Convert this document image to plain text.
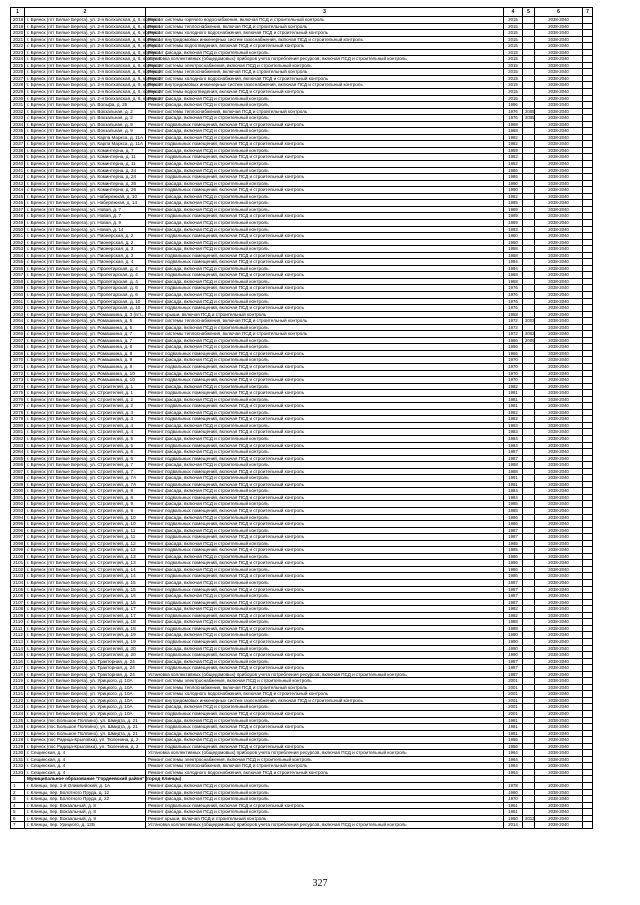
1	2	3	4	5	6	7
2018	г. Брянск (пгт Белые Берега), ул. 2-я Болховская, д. 6, корпус 1	Ремонт системы горячего водоснабжения, включая ПСД и строительный контроль	2015		2038-2040	
2019	г. Брянск (пгт Белые Берега), ул. 2-я Болховская, д. 6, корпус 1	Ремонт системы теплоснабжения, включая ПСД и строительный контроль	2015		2038-2040	
2020	г. Брянск (пгт Белые Берега), ул. 2-я Болховская, д. 6, корпус 1	Ремонт системы холодного водоснабжения, включая ПСД и строительный контроль	2015		2038-2040	
2021	г. Брянск (пгт Белые Берега), ул. 2-я Болховская, д. 6, корпус 1	Ремонт внутридомовых инженерных систем газоснабжения, включая ПСД и строительный контроль	2015		2038-2040	
2022	г. Брянск (пгт Белые Берега), ул. 2-я Болховская, д. 6, корпус 1	Ремонт системы водоотведения, включая ПСД и строительный контроль	2015		2038-2040	
2023	г. Брянск (пгт Белые Берега), ул. 2-я Болховская, д. 6, корпус 1	Ремонт фасада, включая ПСД и строительный контроль	2015		2038-2040	
2024	г. Брянск (пгт Белые Берега), ул. 2-я Болховская, д. 6, корпус 2	Установка коллективных (общедомовых) приборов учета потребления ресурсов, включая ПСД и строительный контроль	2015		2038-2040	
2025	г. Брянск (пгт Белые Берега), ул. 2-я Болховская, д. 6, корпус 2	Ремонт системы электроснабжения, включая ПСД и строительный контроль	2015		2038-2040	
2026	г. Брянск (пгт Белые Берега), ул. 2-я Болховская, д. 6, корпус 2	Ремонт системы теплоснабжения, включая ПСД и строительный контроль	2015		2038-2040	
2027	г. Брянск (пгт Белые Берега), ул. 2-я Болховская, д. 6, корпус 2	Ремонт системы холодного водоснабжения, включая ПСД и строительный контроль	2015		2038-2040	
2028	г. Брянск (пгт Белые Берега), ул. 2-я Болховская, д. 6, корпус 2	Ремонт внутридомовых инженерных систем газоснабжения, включая ПСД и строительный контроль	2015		2038-2040	
2029	г. Брянск (пгт Белые Берега), ул. 2-я Болховская, д. 6, корпус 2	Ремонт системы водоотведения, включая ПСД и строительный контроль	2015		2038-2040	
2030	г. Брянск (пгт Белые Берега), ул. 2-я Болховская, д. 6, корпус 2	Ремонт фасада, включая ПСД и строительный контроль	2015		2038-2040	
2031	г. Брянск (пгт Белые Берега), ул. Вольфа, д. 25	Ремонт фасада, включая ПСД и строительный контроль	1996		2038-2040	
2032	г. Брянск (пгт Белые Берега), ул. Вокзальная, д. 2	Ремонт системы теплоснабжения, включая ПСД и строительный контроль	1976	2005	2038-2040	
2033	г. Брянск (пгт Белые Берега), ул. Вокзальная, д. 2	Ремонт фасада, включая ПСД и строительный контроль	1976	2005	2038-2040	
2034	г. Брянск (пгт Белые Берега), ул. Вокзальная, д. 9	Ремонт подвальных помещений, включая ПСД и строительный контроль	1968		2038-2040	
2035	г. Брянск (пгт Белые Берега), ул. Вокзальная, д. 9	Ремонт фасада, включая ПСД и строительный контроль	1968		2038-2040	
2036	г. Брянск (пгт Белые Берега), ул. Карла Маркса, д. 11А	Ремонт фасада, включая ПСД и строительный контроль	1982		2038-2040	
2037	г. Брянск (пгт Белые Берега), ул. Карла Маркса, д. 11А	Ремонт подвальных помещений, включая ПСД и строительный контроль	1982		2038-2040	
2038	г. Брянск (пгт Белые Берега), ул. Коминтерна, д. 7	Ремонт фасада, включая ПСД и строительный контроль	1959		2038-2040	
2039	г. Брянск (пгт Белые Берега), ул. Коминтерна, д. 11	Ремонт подвальных помещений, включая ПСД и строительный контроль	1962		2038-2040	
2040	г. Брянск (пгт Белые Берега), ул. Коминтерна, д. 11	Ремонт фасада, включая ПСД и строительный контроль	1962		2038-2040	
2041	г. Брянск (пгт Белые Берега), ул. Коминтерна, д. 24	Ремонт фасада, включая ПСД и строительный контроль	1986		2038-2040	
2042	г. Брянск (пгт Белые Берега), ул. Коминтерна, д. 24	Ремонт подвальных помещений, включая ПСД и строительный контроль	1986		2038-2040	
2043	г. Брянск (пгт Белые Берега), ул. Коминтерна, д. 26	Ремонт фасада, включая ПСД и строительный контроль	1990		2038-2040	
2044	г. Брянск (пгт Белые Берега), ул. Коминтерна, д. 26	Ремонт подвальных помещений, включая ПСД и строительный контроль	1990		2038-2040	
2045	г. Брянск (пгт Белые Берега), ул. Набережная, д. 10	Ремонт фасада, включая ПСД и строительный контроль	1982		2038-2040	
2046	г. Брянск (пгт Белые Берега), ул. Набережная, д. 14	Ремонт фасада, включая ПСД и строительный контроль	1985		2038-2040	
2047	г. Брянск (пгт Белые Берега), ул. Новая, д. 7	Ремонт фасада, включая ПСД и строительный контроль	1989		2038-2040	
2048	г. Брянск (пгт Белые Берега), ул. Новая, д. 7	Ремонт подвальных помещений, включая ПСД и строительный контроль	1989		2038-2040	
2049	г. Брянск (пгт Белые Берега), ул. Новая, д. 9	Ремонт фасада, включая ПСД и строительный контроль	1989		2038-2040	
2050	г. Брянск (пгт Белые Берега), ул. Новая, д. 14	Ремонт фасада, включая ПСД и строительный контроль	1993		2038-2040	
2051	г. Брянск (пгт Белые Берега), ул. Пионерская, д. 2	Ремонт подвальных помещений, включая ПСД и строительный контроль	1960		2038-2040	
2052	г. Брянск (пгт Белые Берега), ул. Пионерская, д. 2	Ремонт фасада, включая ПСД и строительный контроль	1960		2038-2040	
2053	г. Брянск (пгт Белые Берега), ул. Пионерская, д. 3	Ремонт фасада, включая ПСД и строительный контроль	1958		2038-2040	
2054	г. Брянск (пгт Белые Берега), ул. Пионерская, д. 3	Ремонт подвальных помещений, включая ПСД и строительный контроль	1958		2038-2040	
2055	г. Брянск (пгт Белые Берега), ул. Пионерская, д. 4	Ремонт подвальных помещений, включая ПСД и строительный контроль	1994		2038-2040	
2056	г. Брянск (пгт Белые Берега), ул. Пролетарская, д. 4	Ремонт фасада, включая ПСД и строительный контроль	1994		2038-2040	
2057	г. Брянск (пгт Белые Берега), ул. Пролетарская, д. 4	Ремонт подвальных помещений, включая ПСД и строительный контроль	1968		2038-2040	
2058	г. Брянск (пгт Белые Берега), ул. Пролетарская, д. 4	Ремонт фасада, включая ПСД и строительный контроль	1968		2038-2040	
2059	г. Брянск (пгт Белые Берега), ул. Пролетарская, д. 6	Ремонт подвальных помещений, включая ПСД и строительный контроль	1976		2038-2040	
2060	г. Брянск (пгт Белые Берега), ул. Пролетарская, д. 6	Ремонт фасада, включая ПСД и строительный контроль	1976		2038-2040	
2061	г. Брянск (пгт Белые Берега), ул. Пролетарская, д. 10	Ремонт фасада, включая ПСД и строительный контроль	1976		2038-2040	
2062	г. Брянск (пгт Белые Берега), ул. Пролетарская, д. 10	Ремонт подвальных помещений, включая ПСД и строительный контроль	1976		2038-2040	
2063	г. Брянск (пгт Белые Берега), ул. Ромашкина, д. 3 (пгт...	Ремонт крыши, включая ПСД и строительный контроль	1958		2038-2040	
2064	г. Брянск (пгт Белые Берега), ул. Ромашкина, д. 5	Ремонт системы теплоснабжения, включая ПСД и строительный контроль	1972	2002	2038-2040	
2065	г. Брянск (пгт Белые Берега), ул. Ромашкина, д. 5	Ремонт фасада, включая ПСД и строительный контроль	1972		2038-2040	
2066	г. Брянск (пгт Белые Берега), ул. Ромашкина, д. 7	Ремонт системы теплоснабжения, включая ПСД и строительный контроль	1972	2002	2038-2040	
2067	г. Брянск (пгт Белые Берега), ул. Ромашкина, д. 7	Ремонт фасада, включая ПСД и строительный контроль	1966	2006	2038-2040	
2068	г. Брянск (пгт Белые Берега), ул. Ромашкина, д. 8	Ремонт фасада, включая ПСД и строительный контроль	1966		2038-2040	
2069	г. Брянск (пгт Белые Берега), ул. Ромашкина, д. 8	Ремонт подвальных помещений, включая ПСД и строительный контроль	1966		2038-2040	
2070	г. Брянск (пгт Белые Берега), ул. Ромашкина, д. 9	Ремонт фасада, включая ПСД и строительный контроль	1970		2038-2040	
2071	г. Брянск (пгт Белые Берега), ул. Ромашкина, д. 9	Ремонт подвальных помещений, включая ПСД и строительный контроль	1970		2038-2040	
2072	г. Брянск (пгт Белые Берега), ул. Ромашкина, д. 10	Ремонт фасада, включая ПСД и строительный контроль	1970		2038-2040	
2073	г. Брянск (пгт Белые Берега), ул. Ромашкина, д. 10	Ремонт подвальных помещений, включая ПСД и строительный контроль	1970		2038-2040	
2074	г. Брянск (пгт Белые Берега), ул. Строителей, д. 1	Ремонт фасада, включая ПСД и строительный контроль	1982		2038-2040	
2075	г. Брянск (пгт Белые Берега), ул. Строителей, д. 1	Ремонт подвальных помещений, включая ПСД и строительный контроль	1981		2038-2040	
2076	г. Брянск (пгт Белые Берега), ул. Строителей, д. 2	Ремонт фасада, включая ПСД и строительный контроль	1981		2038-2040	
2077	г. Брянск (пгт Белые Берега), ул. Строителей, д. 2	Ремонт подвальных помещений, включая ПСД и строительный контроль	1981		2038-2040	
2078	г. Брянск (пгт Белые Берега), ул. Строителей, д. 3	Ремонт фасада, включая ПСД и строительный контроль	1982		2038-2040	
2079	г. Брянск (пгт Белые Берега), ул. Строителей, д. 3	Ремонт подвальных помещений, включая ПСД и строительный контроль	1982		2038-2040	
2080	г. Брянск (пгт Белые Берега), ул. Строителей, д. 4	Ремонт фасада, включая ПСД и строительный контроль	1983		2038-2040	
2081	г. Брянск (пгт Белые Берега), ул. Строителей, д. 4	Ремонт подвальных помещений, включая ПСД и строительный контроль	1983		2038-2040	
2082	г. Брянск (пгт Белые Берега), ул. Строителей, д. 5	Ремонт фасада, включая ПСД и строительный контроль	1984		2038-2040	
2083	г. Брянск (пгт Белые Берега), ул. Строителей, д. 5	Ремонт подвальных помещений, включая ПСД и строительный контроль	1984		2038-2040	
2084	г. Брянск (пгт Белые Берега), ул. Строителей, д. 6	Ремонт фасада, включая ПСД и строительный контроль	1987		2038-2040	
2085	г. Брянск (пгт Белые Берега), ул. Строителей, д. 6	Ремонт подвальных помещений, включая ПСД и строительный контроль	1987		2038-2040	
2086	г. Брянск (пгт Белые Берега), ул. Строителей, д. 7	Ремонт фасада, включая ПСД и строительный контроль	1988		2038-2040	
2087	г. Брянск (пгт Белые Берега), ул. Строителей, д. 7	Ремонт подвальных помещений, включая ПСД и строительный контроль	1988		2038-2040	
2088	г. Брянск (пгт Белые Берега), ул. Строителей, д. 7А	Ремонт фасада, включая ПСД и строительный контроль	1991		2038-2040	
2089	г. Брянск (пгт Белые Берега), ул. Строителей, д. 7А	Ремонт подвальных помещений, включая ПСД и строительный контроль	1991		2038-2040	
2090	г. Брянск (пгт Белые Берега), ул. Строителей, д. 8	Ремонт фасада, включая ПСД и строительный контроль	1984		2038-2040	
2091	г. Брянск (пгт Белые Берега), ул. Строителей, д. 8	Ремонт подвальных помещений, включая ПСД и строительный контроль	1984		2038-2040	
2092	г. Брянск (пгт Белые Берега), ул. Строителей, д. 9	Ремонт фасада, включая ПСД и строительный контроль	1985		2038-2040	
2093	г. Брянск (пгт Белые Берега), ул. Строителей, д. 9	Ремонт подвальных помещений, включая ПСД и строительный контроль	1985		2038-2040	
2094	г. Брянск (пгт Белые Берега), ул. Строителей, д. 10	Ремонт фасада, включая ПСД и строительный контроль	1986		2038-2040	
2095	г. Брянск (пгт Белые Берега), ул. Строителей, д. 10	Ремонт подвальных помещений, включая ПСД и строительный контроль	1986		2038-2040	
2096	г. Брянск (пгт Белые Берега), ул. Строителей, д. 11	Ремонт фасада, включая ПСД и строительный контроль	1987		2038-2040	
2097	г. Брянск (пгт Белые Берега), ул. Строителей, д. 11	Ремонт подвальных помещений, включая ПСД и строительный контроль	1987		2038-2040	
2098	г. Брянск (пгт Белые Берега), ул. Строителей, д. 12	Ремонт фасада, включая ПСД и строительный контроль	1985		2038-2040	
2099	г. Брянск (пгт Белые Берега), ул. Строителей, д. 12	Ремонт подвальных помещений, включая ПСД и строительный контроль	1985		2038-2040	
2100	г. Брянск (пгт Белые Берега), ул. Строителей, д. 13	Ремонт фасада, включая ПСД и строительный контроль	1986		2038-2040	
2101	г. Брянск (пгт Белые Берега), ул. Строителей, д. 13	Ремонт подвальных помещений, включая ПСД и строительный контроль	1986		2038-2040	
2102	г. Брянск (пгт Белые Берега), ул. Строителей, д. 14	Ремонт фасада, включая ПСД и строительный контроль	1986		2038-2040	
2103	г. Брянск (пгт Белые Берега), ул. Строителей, д. 14	Ремонт подвальных помещений, включая ПСД и строительный контроль	1986		2038-2040	
2104	г. Брянск (пгт Белые Берега), ул. Строителей, д. 15	Ремонт фасада, включая ПСД и строительный контроль	1987		2038-2040	
2105	г. Брянск (пгт Белые Берега), ул. Строителей, д. 15	Ремонт подвальных помещений, включая ПСД и строительный контроль	1987		2038-2040	
2106	г. Брянск (пгт Белые Берега), ул. Строителей, д. 16	Ремонт фасада, включая ПСД и строительный контроль	1987		2038-2040	
2107	г. Брянск (пгт Белые Берега), ул. Строителей, д. 16	Ремонт подвальных помещений, включая ПСД и строительный контроль	1987		2038-2040	
2108	г. Брянск (пгт Белые Берега), ул. Строителей, д. 17	Ремонт фасада, включая ПСД и строительный контроль	1982		2038-2040	
2109	г. Брянск (пгт Белые Берега), ул. Строителей, д. 17	Ремонт подвальных помещений, включая ПСД и строительный контроль	1982		2038-2040	
2110	г. Брянск (пгт Белые Берега), ул. Строителей, д. 18	Ремонт фасада, включая ПСД и строительный контроль	1988		2038-2040	
2111	г. Брянск (пгт Белые Берега), ул. Строителей, д. 18	Ремонт подвальных помещений, включая ПСД и строительный контроль	1988		2038-2040	
2112	г. Брянск (пгт Белые Берега), ул. Строителей, д. 19	Ремонт фасада, включая ПСД и строительный контроль	1990		2038-2040	
2113	г. Брянск (пгт Белые Берега), ул. Строителей, д. 19	Ремонт подвальных помещений, включая ПСД и строительный контроль	1990		2038-2040	
2114	г. Брянск (пгт Белые Берега), ул. Строителей, д. 20	Ремонт фасада, включая ПСД и строительный контроль	1990		2038-2040	
2115	г. Брянск (пгт Белые Берега), ул. Строителей, д. 20	Ремонт подвальных помещений, включая ПСД и строительный контроль	1990		2038-2040	
2116	г. Брянск (пгт Белые Берега), ул. Тракторная, д. 24	Ремонт фасада, включая ПСД и строительный контроль	1987		2038-2040	
2117	г. Брянск (пгт Белые Берега), ул. Тракторная, д. 24	Ремонт подвальных помещений, включая ПСД и строительный контроль	1987		2038-2040	
2118	г. Брянск (пгт Белые Берега), ул. Тракторная, д. 24	Установка коллективных (общедомовых) приборов учета потребления ресурсов, включая ПСД и строительный контроль	1987		2038-2040	
2119	г. Брянск (пгт Белые Берега), ул. Урицкого, д. 10А	Ремонт системы электроснабжения, включая ПСД и строительный контроль	2001		2038-2040	
2120	г. Брянск (пгт Белые Берега), ул. Урицкого, д. 10А	Ремонт системы теплоснабжения, включая ПСД и строительный контроль	2001		2038-2040	
2121	г. Брянск (пгт Белые Берега), ул. Урицкого, д. 10А	Ремонт системы холодного водоснабжения, включая ПСД и строительный контроль	2001		2038-2040	
2122	г. Брянск (пгт Белые Берега), ул. Урицкого, д. 10А	Ремонт внутридомовых инженерных систем газоснабжения, включая ПСД и строительный контроль	2001		2038-2040	
2123	г. Брянск (пгт Белые Берега), ул. Урицкого, д. 10А	Ремонт фасада, включая ПСД и строительный контроль	2001		2038-2040	
2124	г. Брянск (пгт Белые Берега), ул. Урицкого, д. 10А	Ремонт подвальных помещений, включая ПСД и строительный контроль	2001		2038-2040	
2125	г. Брянск (пос Большое Полпино), ул. Шмидта, д. 21	Ремонт фасада, включая ПСД и строительный контроль	1981		2038-2040	
2126	г. Брянск (пос Большое Полпино), ул. Шмидта, д. 21	Ремонт подвальных помещений, включая ПСД и строительный контроль	1981		2038-2040	
2127	г. Брянск (пос Большое Полпино), ул. Шмидта, д. 21	Ремонт фасада, включая ПСД и строительный контроль	1981		2038-2040	
2128	г. Брянск (пос Радица-Крыловка), ул. Тюленина, д. 2	Ремонт фасада, включая ПСД и строительный контроль	1956		2038-2040	
2129	г. Брянск (пос Радица-Крыловка), ул. Тюленина, д. 2	Ремонт подвальных помещений, включая ПСД и строительный контроль	1956		2038-2040	
2130	г. Сещинская, д. 4	Установка коллективных (общедомовых) приборов учета потребления ресурсов, включая ПСД и строительный контроль	1964		2038-2040	
2131	г. Сещинская, д. 4	Ремонт системы электроснабжения, включая ПСД и строительный контроль	1964		2038-2040	
2132	г. Сещинская, д. 4	Ремонт системы теплоснабжения, включая ПСД и строительный контроль	1964		2038-2040	
2133	г. Сещинская, д. 4	Ремонт системы холодного водоснабжения, включая ПСД и строительный контроль	1964		2038-2040	
	Муниципальное образование "Гордеевский район" (город Клинцы)					
1	г. Клинцы, пер. 1-й Олимпийский, д. 1А	Ремонт фасада, включая ПСД и строительный контроль	1978		2038-2040	
2	г. Клинцы, пер. Болотного Пруда, д. 12	Ремонт фасада, включая ПСД и строительный контроль	1960		2038-2040	
3	г. Клинцы, пер. Болотного Пруда, д. 22	Ремонт фасада, включая ПСД и строительный контроль	1970		2038-2040	
4	г. Клинцы, пер. Вокзальный, д. 8	Ремонт подвальных помещений, включая ПСД и строительный контроль	1961		2038-2040	
5	г. Клинцы, пер. Вокзальный, д. 8	Ремонт фасада, включая ПСД и строительный контроль	1961		2038-2040	
6	г. Клинцы, пер. Вокзальный, д. 9	Ремонт крыши, включая ПСД и строительный контроль	1960	2013	2038-2040	
7	г. Клинцы, пер. Урицкого, д. 12Б	Установка коллективных (общедомовых) приборов учета потребления ресурсов, включая ПСД и строительный контроль	2014		2038-2040	
327
